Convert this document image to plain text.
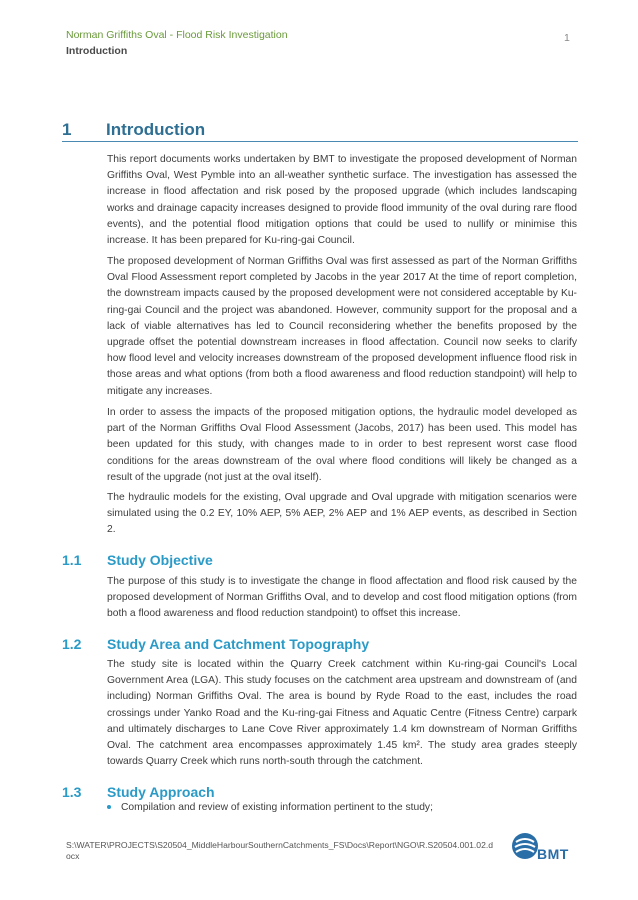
Norman Griffiths Oval - Flood Risk Investigation
Introduction
1
1 Introduction

This report documents works undertaken by BMT to investigate the proposed development of Norman Griffiths Oval, West Pymble into an all-weather synthetic surface. The investigation has assessed the increase in flood affectation and risk posed by the proposed upgrade (which includes landscaping works and drainage capacity increases designed to provide flood immunity of the oval during rare flood events), and the potential flood mitigation options that could be used to nullify or minimise this increase. It has been prepared for Ku-ring-gai Council.

The proposed development of Norman Griffiths Oval was first assessed as part of the Norman Griffiths Oval Flood Assessment report completed by Jacobs in the year 2017 At the time of report completion, the downstream impacts caused by the proposed development were not considered acceptable by Ku-ring-gai Council and the project was abandoned. However, community support for the proposal and a lack of viable alternatives has led to Council reconsidering whether the benefits proposed by the upgrade offset the potential downstream increases in flood affectation. Council now seeks to clarify how flood level and velocity increases downstream of the proposed development influence flood risk in those areas and what options (from both a flood awareness and flood reduction standpoint) will help to mitigate any increases.

In order to assess the impacts of the proposed mitigation options, the hydraulic model developed as part of the Norman Griffiths Oval Flood Assessment (Jacobs, 2017) has been used. This model has been updated for this study, with changes made to in order to best represent worst case flood conditions for the areas downstream of the oval where flood conditions will likely be changed as a result of the upgrade (not just at the oval itself).

The hydraulic models for the existing, Oval upgrade and Oval upgrade with mitigation scenarios were simulated using the 0.2 EY, 10% AEP, 5% AEP, 2% AEP and 1% AEP events, as described in Section 2.

1.1 Study Objective

The purpose of this study is to investigate the change in flood affectation and flood risk caused by the proposed development of Norman Griffiths Oval, and to develop and cost flood mitigation options (from both a flood awareness and flood reduction standpoint) to offset this increase.

1.2 Study Area and Catchment Topography

The study site is located within the Quarry Creek catchment within Ku-ring-gai Council's Local Government Area (LGA). This study focuses on the catchment area upstream and downstream of (and including) Norman Griffiths Oval. The area is bound by Ryde Road to the east, includes the road crossings under Yanko Road and the Ku-ring-gai Fitness and Aquatic Centre (Fitness Centre) carpark and ultimately discharges to Lane Cove River approximately 1.4 km downstream of Norman Griffiths Oval. The catchment area encompasses approximately 1.45 km². The study area grades steeply towards Quarry Creek which runs north-south through the catchment.

1.3 Study Approach
Compilation and review of existing information pertinent to the study;
S:\WATER\PROJECTS\S20504_MiddleHarbourSouthernCatchments_FS\Docs\Report\NGO\R.S20504.001.02.docx	BMT
